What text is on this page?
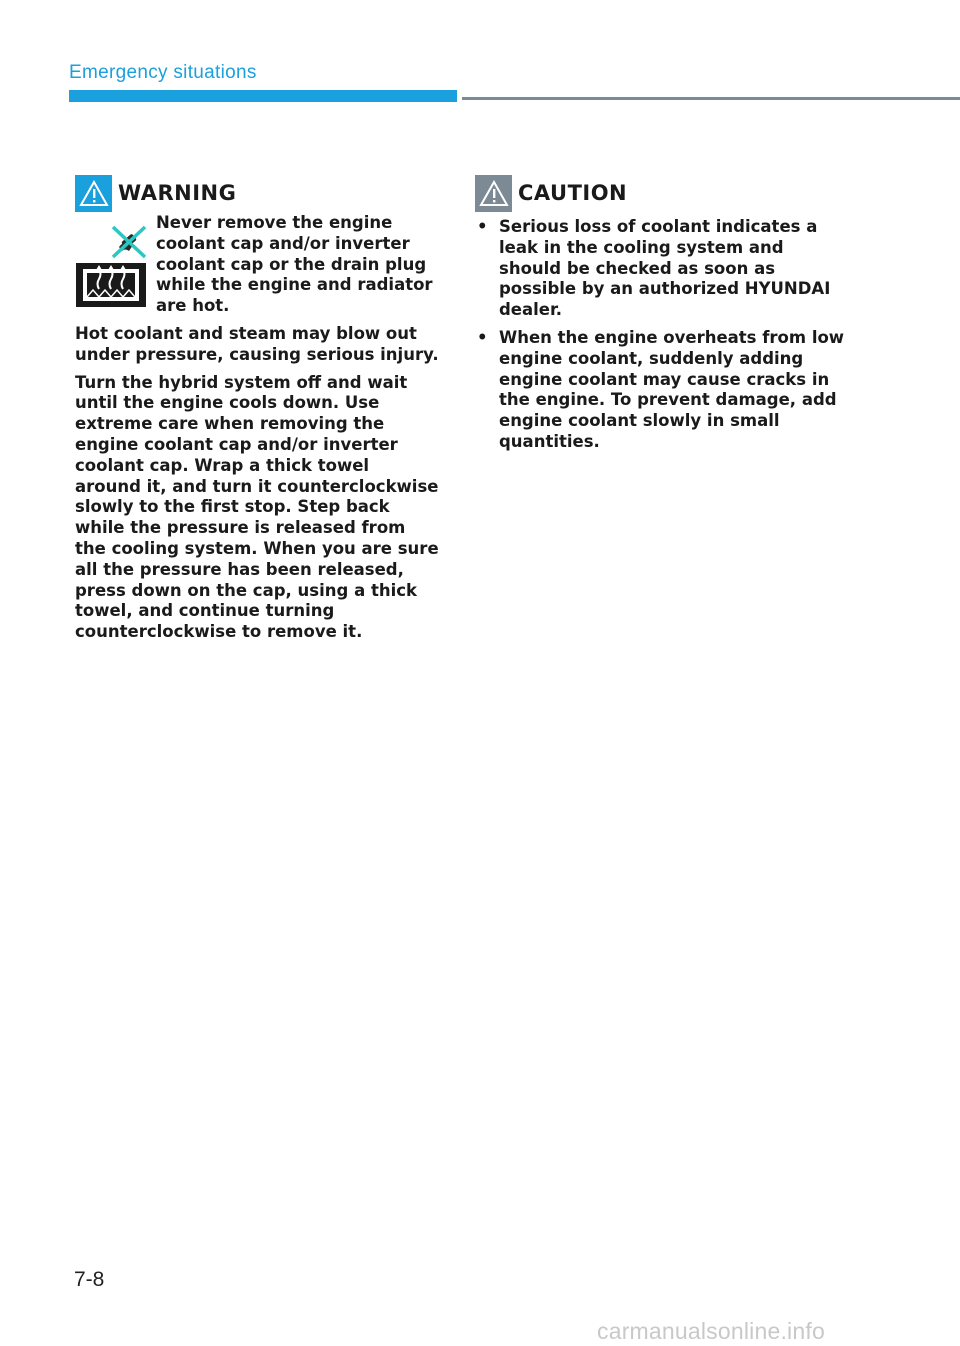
Emergency situations
WARNING

Never remove the engine coolant cap and/or inverter coolant cap or the drain plug while the engine and radiator are hot.

Hot coolant and steam may blow out under pressure, causing serious injury.

Turn the hybrid system off and wait until the engine cools down. Use extreme care when removing the engine coolant cap and/or inverter coolant cap. Wrap a thick towel around it, and turn it counterclockwise slowly to the first stop. Step back while the pressure is released from the cooling system. When you are sure all the pressure has been released, press down on the cap, using a thick towel, and continue turning counterclockwise to remove it.

CAUTION
• Serious loss of coolant indicates a leak in the cooling system and should be checked as soon as possible by an authorized HYUNDAI dealer.
• When the engine overheats from low engine coolant, suddenly adding engine coolant may cause cracks in the engine. To prevent damage, add engine coolant slowly in small quantities.
7-8
carmanualsonline.info
